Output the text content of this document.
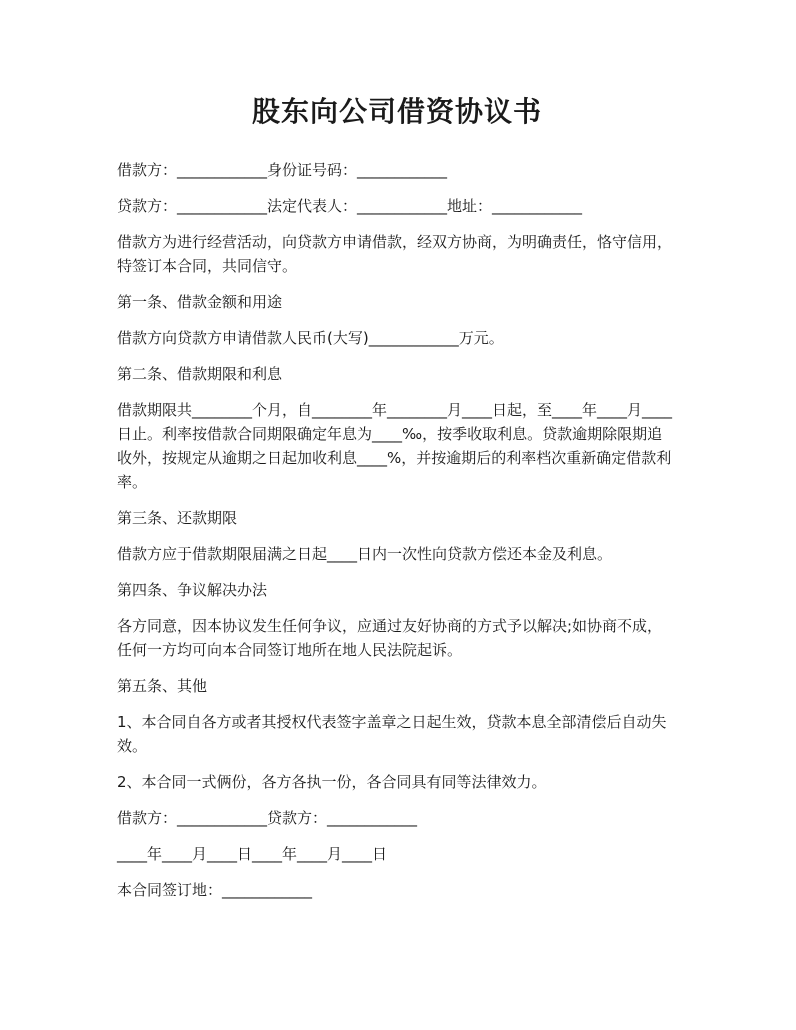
股东向公司借资协议书

借款方：____________身份证号码：____________

贷款方：____________法定代表人：____________地址：____________

借款方为进行经营活动，向贷款方申请借款，经双方协商，为明确责任，恪守信用，特签订本合同，共同信守。

第一条、借款金额和用途

借款方向贷款方申请借款人民币(大写)____________万元。

第二条、借款期限和利息

借款期限共________个月，自________年________月____日起，至____年____月____日止。利率按借款合同期限确定年息为____‰，按季收取利息。贷款逾期除限期追收外，按规定从逾期之日起加收利息____%，并按逾期后的利率档次重新确定借款利率。

第三条、还款期限

借款方应于借款期限届满之日起____日内一次性向贷款方偿还本金及利息。

第四条、争议解决办法

各方同意，因本协议发生任何争议，应通过友好协商的方式予以解决;如协商不成，任何一方均可向本合同签订地所在地人民法院起诉。

第五条、其他

1、本合同自各方或者其授权代表签字盖章之日起生效，贷款本息全部清偿后自动失效。

2、本合同一式俩份，各方各执一份，各合同具有同等法律效力。

借款方：____________贷款方：____________

____年____月____日____年____月____日

本合同签订地：____________
